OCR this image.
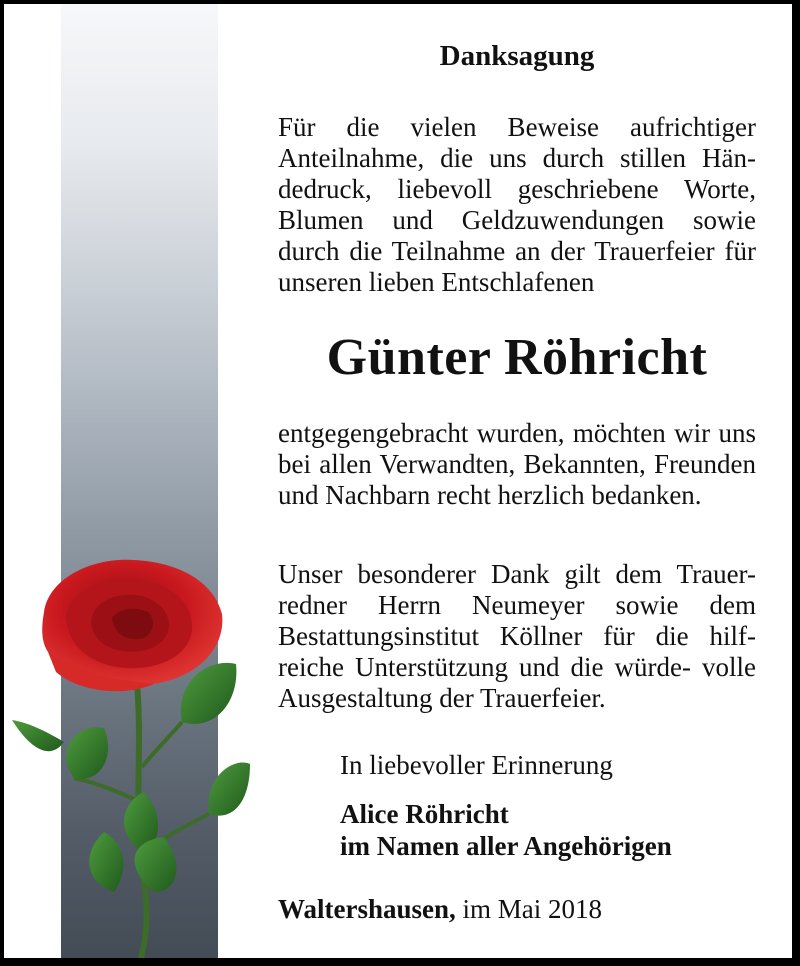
Danksagung

Für die vielen Beweise aufrichtiger Anteilnahme, die uns durch stillen Hän- dedruck, liebevoll geschriebene Worte, Blumen und Geldzuwendungen sowie durch die Teilnahme an der Trauerfeier für unseren lieben Entschlafenen

Günter Röhricht

entgegengebracht wurden, möchten wir uns bei allen Verwandten, Bekannten, Freunden und Nachbarn recht herzlich bedanken.

Unser besonderer Dank gilt dem Trauer- redner Herrn Neumeyer sowie dem Bestattungsinstitut Köllner für die hilf- reiche Unterstützung und die würde- volle Ausgestaltung der Trauerfeier.

In liebevoller Erinnerung

Alice Röhricht
im Namen aller Angehörigen

Waltershausen, im Mai 2018
